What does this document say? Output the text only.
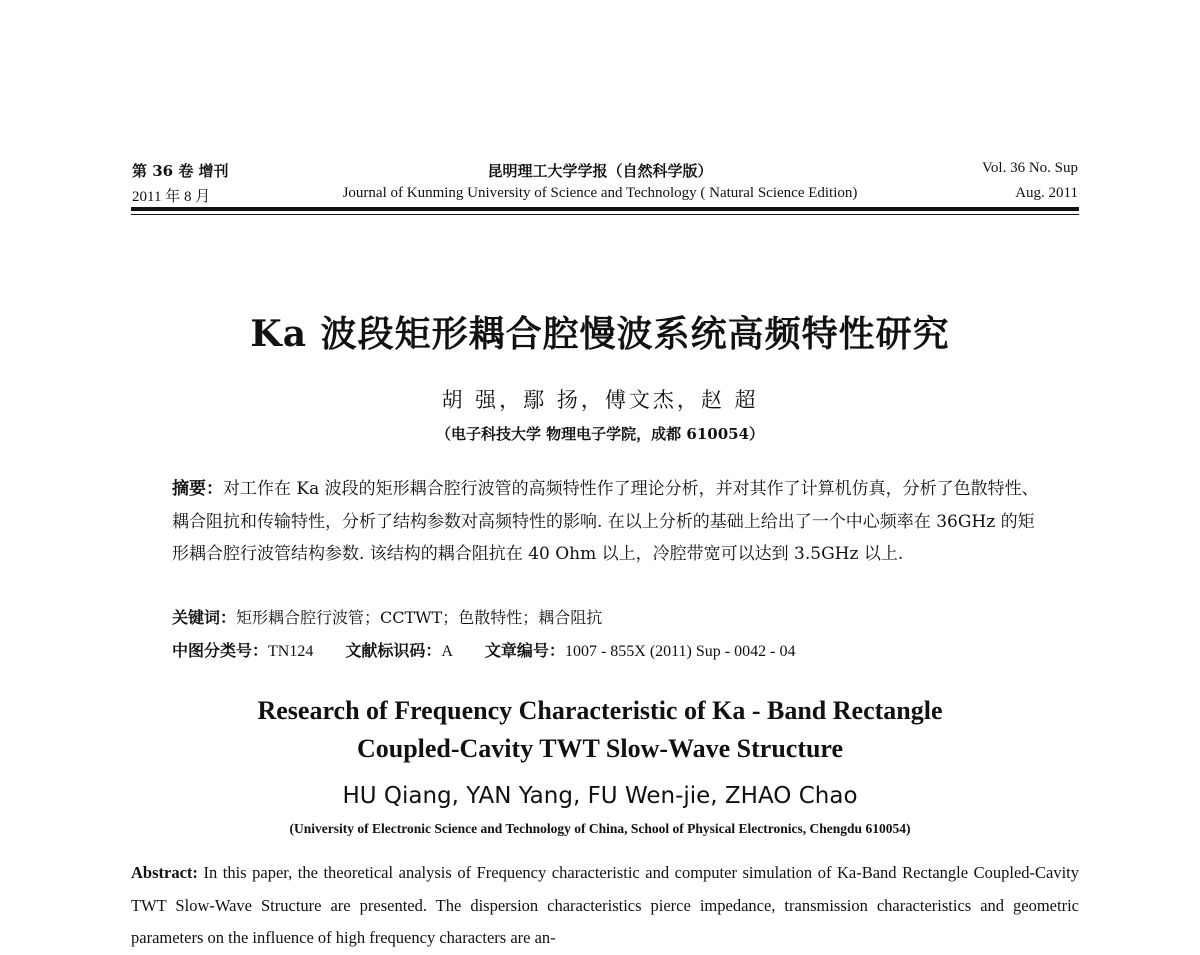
第 36 卷 增刊
2011 年 8 月
昆明理工大学学报（自然科学版）
Journal of Kunming University of Science and Technology ( Natural Science Edition)
Vol. 36 No. Sup
Aug. 2011
Ka 波段矩形耦合腔慢波系统高频特性研究
胡 强，鄢 扬，傅文杰，赵 超
（电子科技大学 物理电子学院，成都 610054）
摘要：对工作在 Ka 波段的矩形耦合腔行波管的高频特性作了理论分析，并对其作了计算机仿真，分析了色散特性、耦合阻抗和传输特性，分析了结构参数对高频特性的影响. 在以上分析的基础上给出了一个中心频率在 36GHz 的矩形耦合腔行波管结构参数. 该结构的耦合阻抗在 40 Ohm 以上，冷腔带宽可以达到 3.5GHz 以上.
关键词：矩形耦合腔行波管；CCTWT；色散特性；耦合阻抗
中图分类号：TN124 文献标识码：A 文章编号：1007 - 855X (2011) Sup - 0042 - 04
Research of Frequency Characteristic of Ka - Band Rectangle
Coupled-Cavity TWT Slow-Wave Structure
HU Qiang, YAN Yang, FU Wen-jie, ZHAO Chao
(University of Electronic Science and Technology of China, School of Physical Electronics, Chengdu 610054)
Abstract: In this paper, the theoretical analysis of Frequency characteristic and computer simulation of Ka-Band Rectangle Coupled-Cavity TWT Slow-Wave Structure are presented. The dispersion characteristics pierce impedance, transmission characteristics and geometric parameters on the influence of high frequency characters are an-
